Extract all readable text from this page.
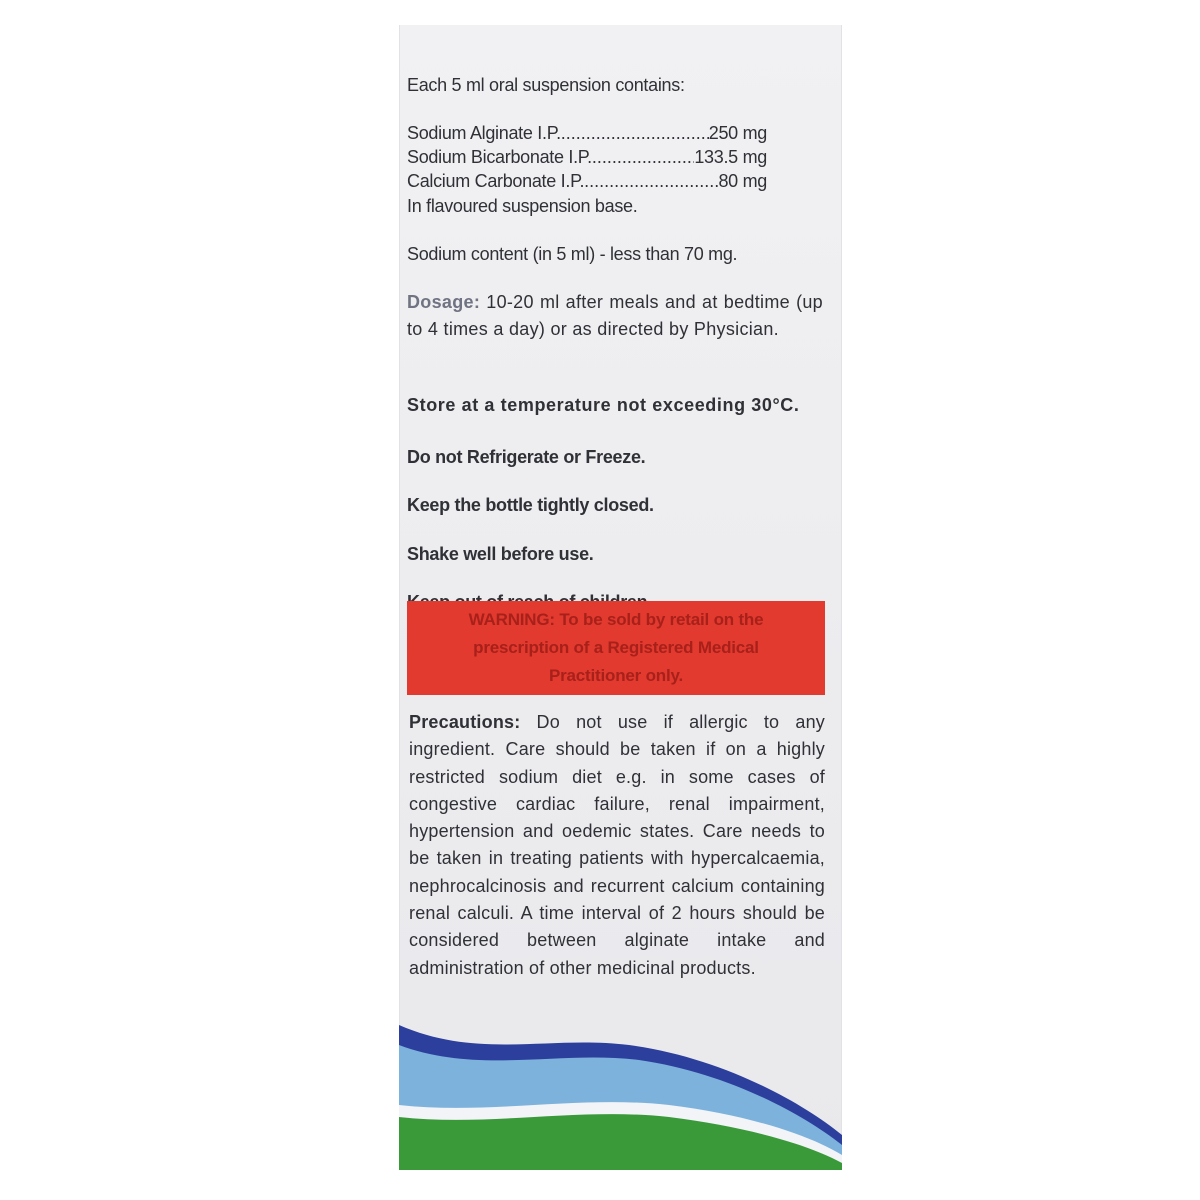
Each 5 ml oral suspension contains:
Sodium Alginate I.P. .....	250 mg
Sodium Bicarbonate I.P. .....	133.5 mg
Calcium Carbonate I.P. .....	80 mg
In flavoured suspension base.
Sodium content (in 5 ml) - less than 70 mg.
Dosage: 10-20 ml after meals and at bedtime (up to 4 times a day) or as directed by Physician.
Store at a temperature not exceeding 30°C.
Do not Refrigerate or Freeze.
Keep the bottle tightly closed.
Shake well before use.
WARNING: To be sold by retail on the prescription of a Registered Medical Practitioner only.
Precautions: Do not use if allergic to any ingredient. Care should be taken if on a highly restricted sodium diet e.g. in some cases of congestive cardiac failure, renal impairment, hypertension and oedemic states. Care needs to be taken in treating patients with hypercalcaemia, nephrocalcinosis and recurrent calcium containing renal calculi. A time interval of 2 hours should be considered between alginate intake and administration of other medicinal products.
